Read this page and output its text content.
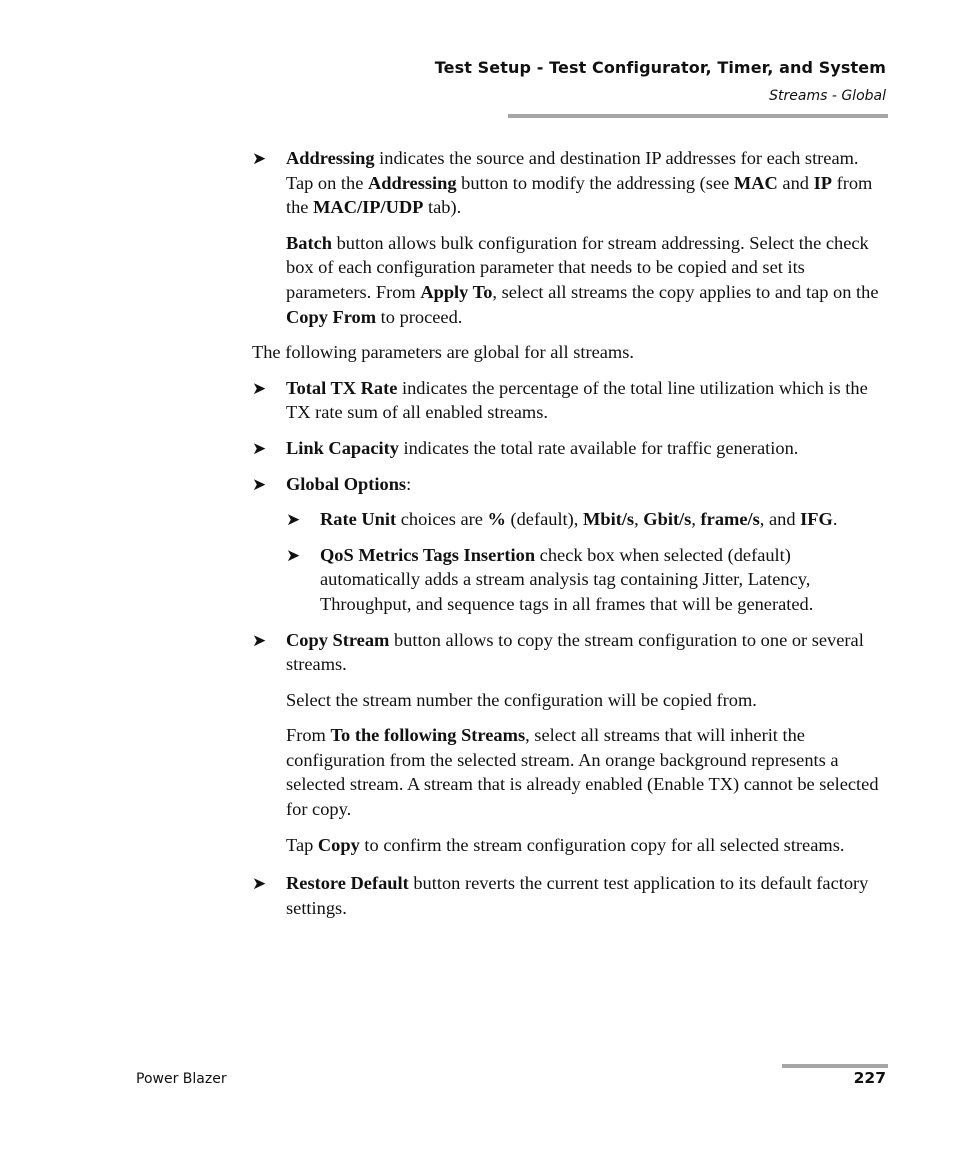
Test Setup - Test Configurator, Timer, and System
Streams - Global
➤ Addressing indicates the source and destination IP addresses for each stream. Tap on the Addressing button to modify the addressing (see MAC and IP from the MAC/IP/UDP tab).
Batch button allows bulk configuration for stream addressing. Select the check box of each configuration parameter that needs to be copied and set its parameters. From Apply To, select all streams the copy applies to and tap on the Copy From to proceed.
The following parameters are global for all streams.
➤ Total TX Rate indicates the percentage of the total line utilization which is the TX rate sum of all enabled streams.
➤ Link Capacity indicates the total rate available for traffic generation.
➤ Global Options:
➤ Rate Unit choices are % (default), Mbit/s, Gbit/s, frame/s, and IFG.
➤ QoS Metrics Tags Insertion check box when selected (default) automatically adds a stream analysis tag containing Jitter, Latency, Throughput, and sequence tags in all frames that will be generated.
➤ Copy Stream button allows to copy the stream configuration to one or several streams.
Select the stream number the configuration will be copied from.
From To the following Streams, select all streams that will inherit the configuration from the selected stream. An orange background represents a selected stream. A stream that is already enabled (Enable TX) cannot be selected for copy.
Tap Copy to confirm the stream configuration copy for all selected streams.
➤ Restore Default button reverts the current test application to its default factory settings.
Power Blazer	227
